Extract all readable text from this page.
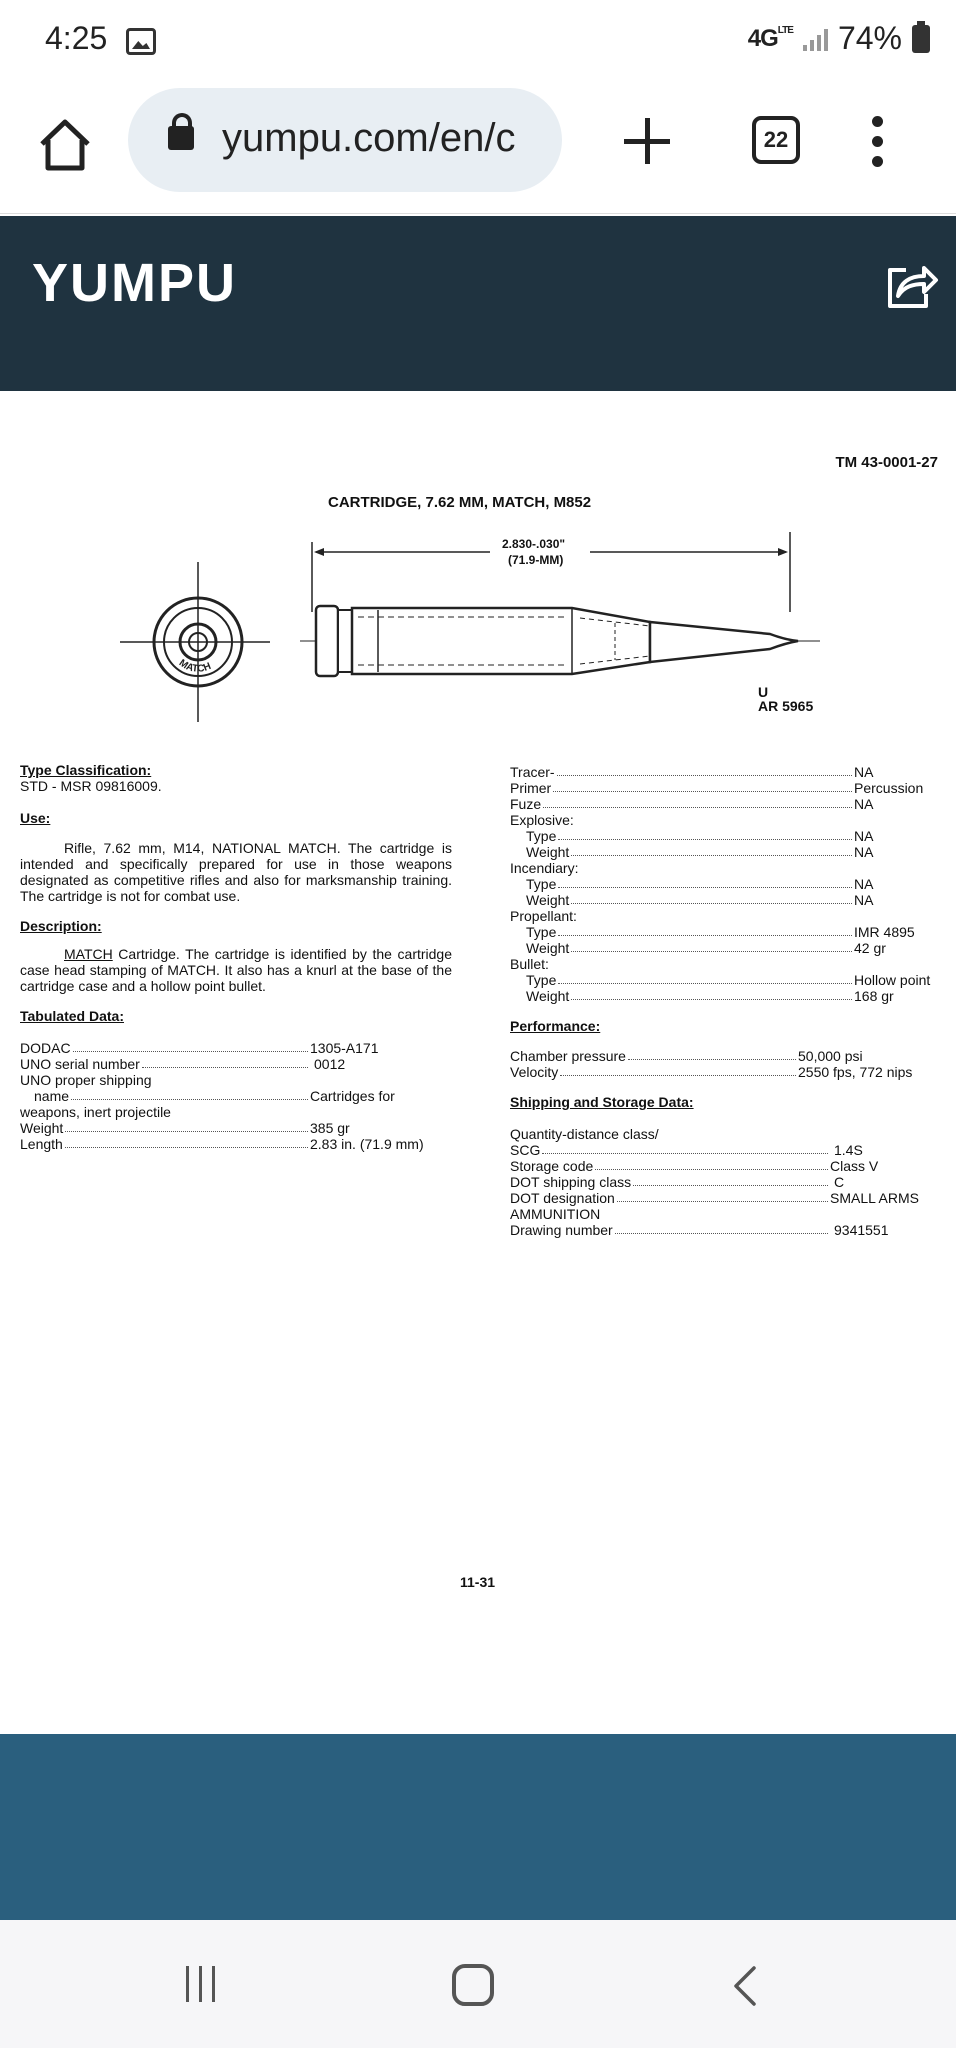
4:25	$4G^{LTE}$ 74%
yumpu.com/en/c	22
YUMPU
TM 43-0001-27
CARTRIDGE, 7.62 MM, MATCH, M852
MATCH
2.830-.030"
(71.9-MM)
U
AR 5965
Type Classification:
STD - MSR 09816009.
Use:

Rifle, 7.62 mm, M14, NATIONAL MATCH. The cartridge is intended and specifically prepared for use in those weapons designated as competitive rifles and also for marksmanship training. The cartridge is not for combat use.

Description:

MATCH Cartridge. The cartridge is identified by the cartridge case head stamping of MATCH. It also has a knurl at the base of the cartridge case and a hollow point bullet.

Tabulated Data:
DODAC	1305-A171
UNO serial number	0012
UNO proper shipping
name	Cartridges for
weapons, inert projectile
Weight	385 gr
Length	2.83 in. (71.9 mm)
Tracer-	NA
Primer	Percussion
Fuze	NA
Explosive:
Type	NA
Weight	NA
Incendiary:
Type	NA
Weight	NA
Propellant:
Type	IMR 4895
Weight	42 gr
Bullet:
Type	Hollow point
Weight	168 gr
Performance:
Chamber pressure	50,000 psi
Velocity	2550 fps, 772 nips
Shipping and Storage Data:
Quantity-distance class/
SCG	1.4S
Storage code	Class V
DOT shipping class	C
DOT designation	SMALL ARMS
AMMUNITION
Drawing number	9341551
11-31
